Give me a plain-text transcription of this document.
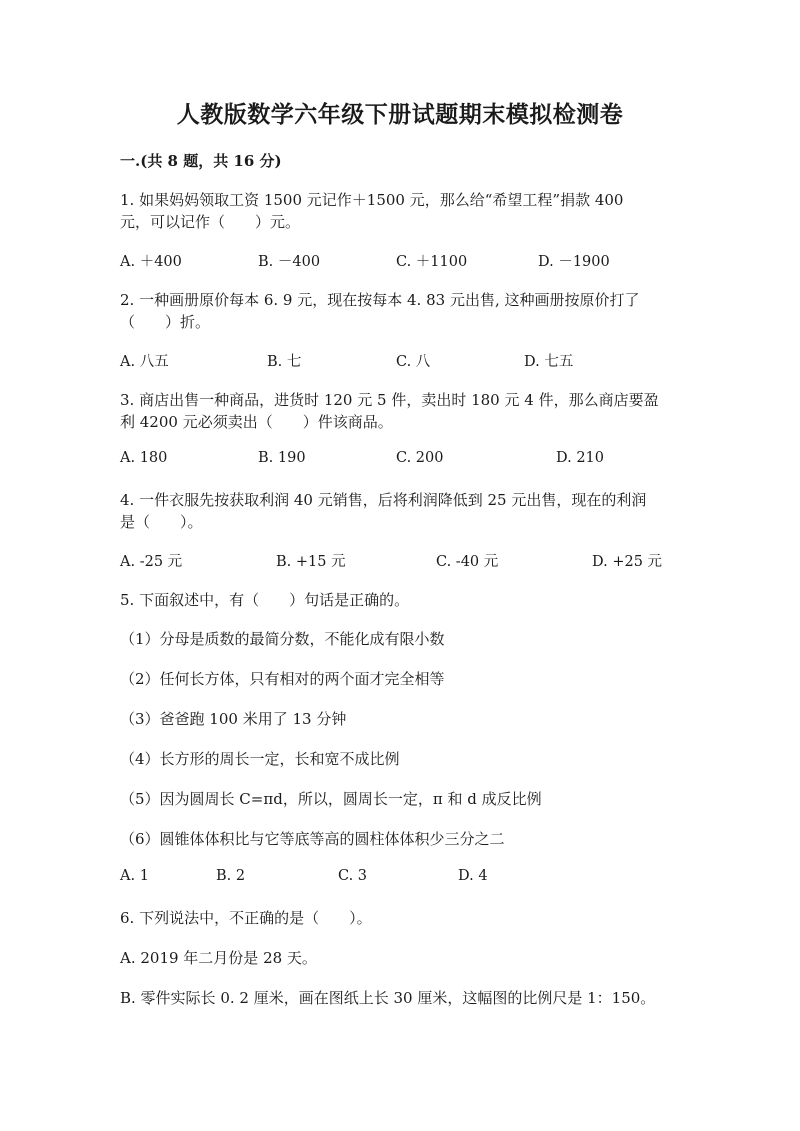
人教版数学六年级下册试题期末模拟检测卷
一.(共 8 题，共 16 分)
1. 如果妈妈领取工资 1500 元记作＋1500 元，那么给“希望工程”捐款 400
元，可以记作（　　）元。
A. ＋400	B. －400	C. ＋1100	D. －1900
2. 一种画册原价每本 6. 9 元，现在按每本 4. 83 元出售, 这种画册按原价打了
（　　）折。
A. 八五	B. 七	C. 八	D. 七五
3. 商店出售一种商品，进货时 120 元 5 件，卖出时 180 元 4 件，那么商店要盈
利 4200 元必须卖出（　　）件该商品。
A. 180	B. 190	C. 200	D. 210
4. 一件衣服先按获取利润 40 元销售，后将利润降低到 25 元出售，现在的利润
是（　　）。
A. -25 元	B. +15 元	C. -40 元	D. +25 元
5. 下面叙述中，有（　　）句话是正确的。
（1）分母是质数的最简分数，不能化成有限小数
（2）任何长方体，只有相对的两个面才完全相等
（3）爸爸跑 100 米用了 13 分钟
（4）长方形的周长一定，长和宽不成比例
（5）因为圆周长 C=πd，所以，圆周长一定，π 和 d 成反比例
（6）圆锥体体积比与它等底等高的圆柱体体积少三分之二
A. 1	B. 2	C. 3	D. 4
6. 下列说法中，不正确的是（　　）。
A. 2019 年二月份是 28 天。
B. 零件实际长 0. 2 厘米，画在图纸上长 30 厘米，这幅图的比例尺是 1：150。
